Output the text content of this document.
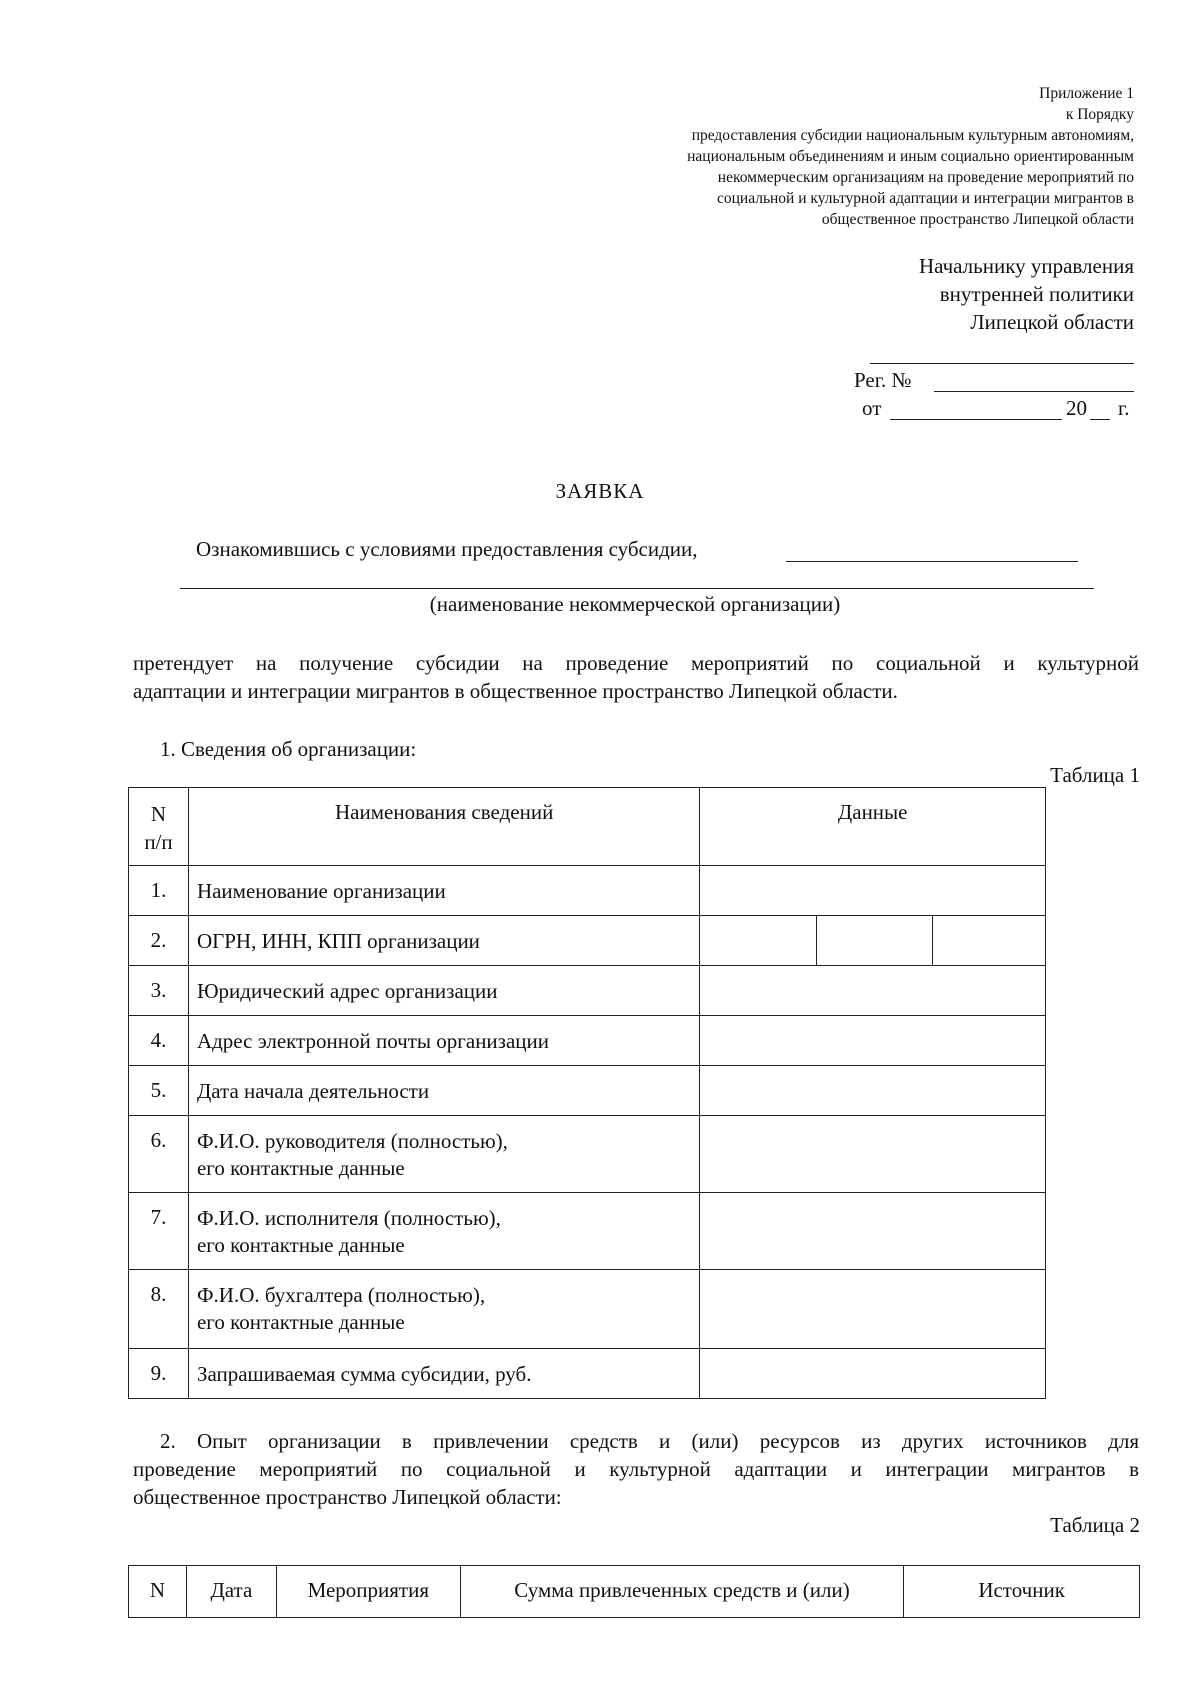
Приложение 1
к Порядку
предоставления субсидии национальным культурным автономиям,
национальным объединениям и иным социально ориентированным
некоммерческим организациям на проведение мероприятий по
социальной и культурной адаптации и интеграции мигрантов в
общественное пространство Липецкой области
Начальнику управления
внутренней политики
Липецкой области
Рег. №
от	20 г.
ЗАЯВКА
Ознакомившись с условиями предоставления субсидии,
(наименование некоммерческой организации)
претендует на получение субсидии на проведение мероприятий по социальной и культурной
адаптации и интеграции мигрантов в общественное пространство Липецкой области.
1. Сведения об организации:
Таблица 1
N
п/п	Наименования сведений	Данные
1.	Наименование организации	
2.	ОГРН, ИНН, КПП организации	

3.	Юридический адрес организации	
4.	Адрес электронной почты организации	
5.	Дата начала деятельности	
6.	Ф.И.О. руководителя (полностью),
его контактные данные	

7.	Ф.И.О. исполнителя (полностью),
его контактные данные	

8.	Ф.И.О. бухгалтера (полностью),
его контактные данные	

9.	Запрашиваемая сумма субсидии, руб.	
2. Опыт организации в привлечении средств и (или) ресурсов из других источников для
проведение мероприятий по социальной и культурной адаптации и интеграции мигрантов в
общественное пространство Липецкой области:
Таблица 2
N	Дата	Мероприятия	Сумма привлеченных средств и (или)	Источник
